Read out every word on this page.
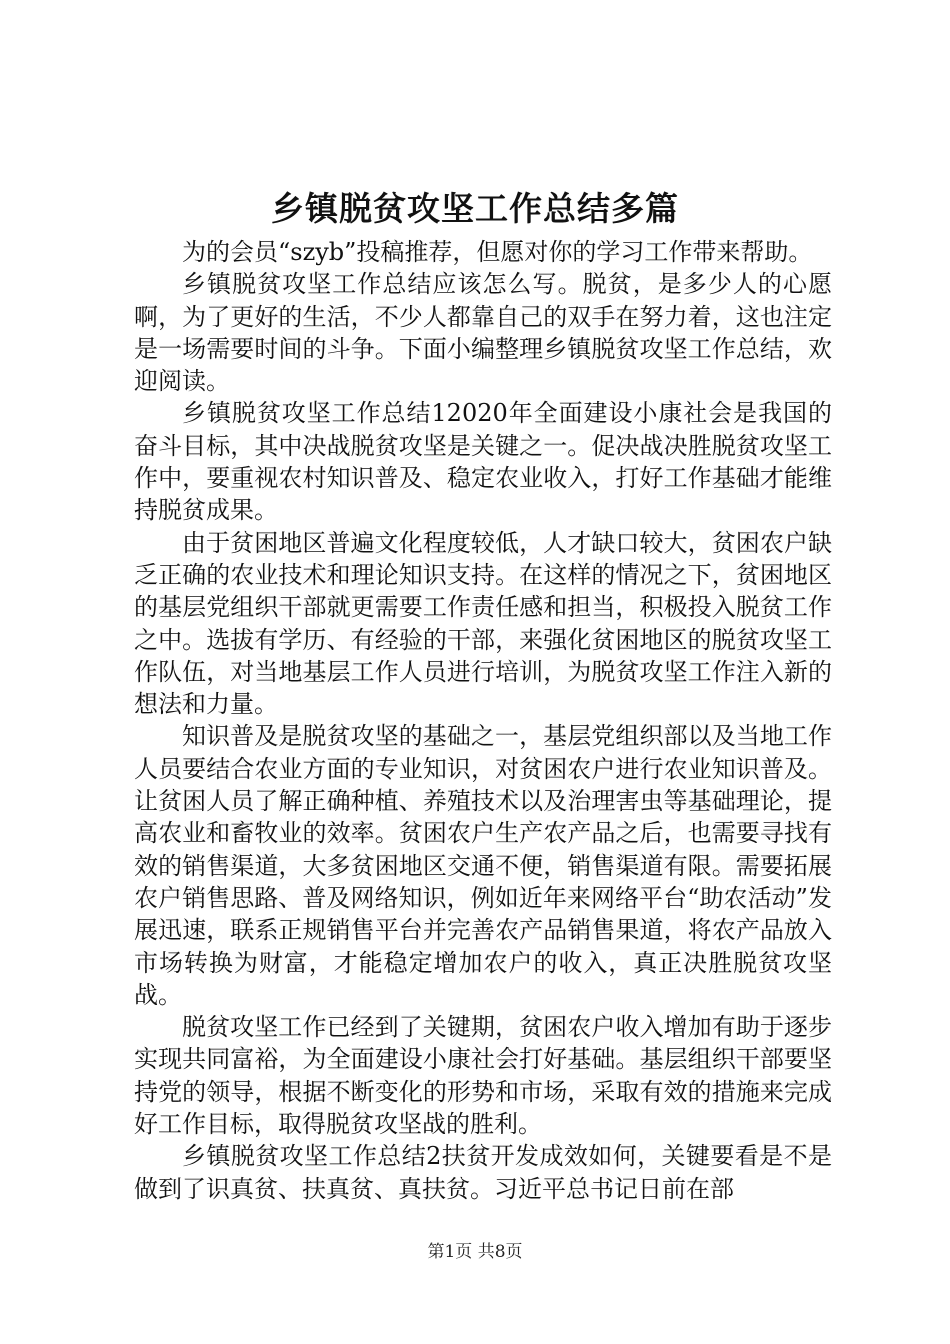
乡镇脱贫攻坚工作总结多篇

为的会员“szyb”投稿推荐，但愿对你的学习工作带来帮助。

乡镇脱贫攻坚工作总结应该怎么写。脱贫，是多少人的心愿啊，为了更好的生活，不少人都靠自己的双手在努力着，这也注定是一场需要时间的斗争。下面小编整理乡镇脱贫攻坚工作总结，欢迎阅读。

乡镇脱贫攻坚工作总结12020年全面建设小康社会是我国的奋斗目标，其中决战脱贫攻坚是关键之一。促决战决胜脱贫攻坚工作中，要重视农村知识普及、稳定农业收入，打好工作基础才能维持脱贫成果。

由于贫困地区普遍文化程度较低，人才缺口较大，贫困农户缺乏正确的农业技术和理论知识支持。在这样的情况之下，贫困地区的基层党组织干部就更需要工作责任感和担当，积极投入脱贫工作之中。选拔有学历、有经验的干部，来强化贫困地区的脱贫攻坚工作队伍，对当地基层工作人员进行培训，为脱贫攻坚工作注入新的想法和力量。

知识普及是脱贫攻坚的基础之一，基层党组织部以及当地工作人员要结合农业方面的专业知识，对贫困农户进行农业知识普及。让贫困人员了解正确种植、养殖技术以及治理害虫等基础理论，提高农业和畜牧业的效率。贫困农户生产农产品之后，也需要寻找有效的销售渠道，大多贫困地区交通不便，销售渠道有限。需要拓展农户销售思路、普及网络知识，例如近年来网络平台“助农活动”发展迅速，联系正规销售平台并完善农产品销售果道，将农产品放入市场转换为财富，才能稳定增加农户的收入，真正决胜脱贫攻坚战。

脱贫攻坚工作已经到了关键期，贫困农户收入增加有助于逐步实现共同富裕，为全面建设小康社会打好基础。基层组织干部要坚持党的领导，根据不断变化的形势和市场，采取有效的措施来完成好工作目标，取得脱贫攻坚战的胜利。

乡镇脱贫攻坚工作总结2扶贫开发成效如何，关键要看是不是做到了识真贫、扶真贫、真扶贫。习近平总书记日前在部

第1页 共8页
